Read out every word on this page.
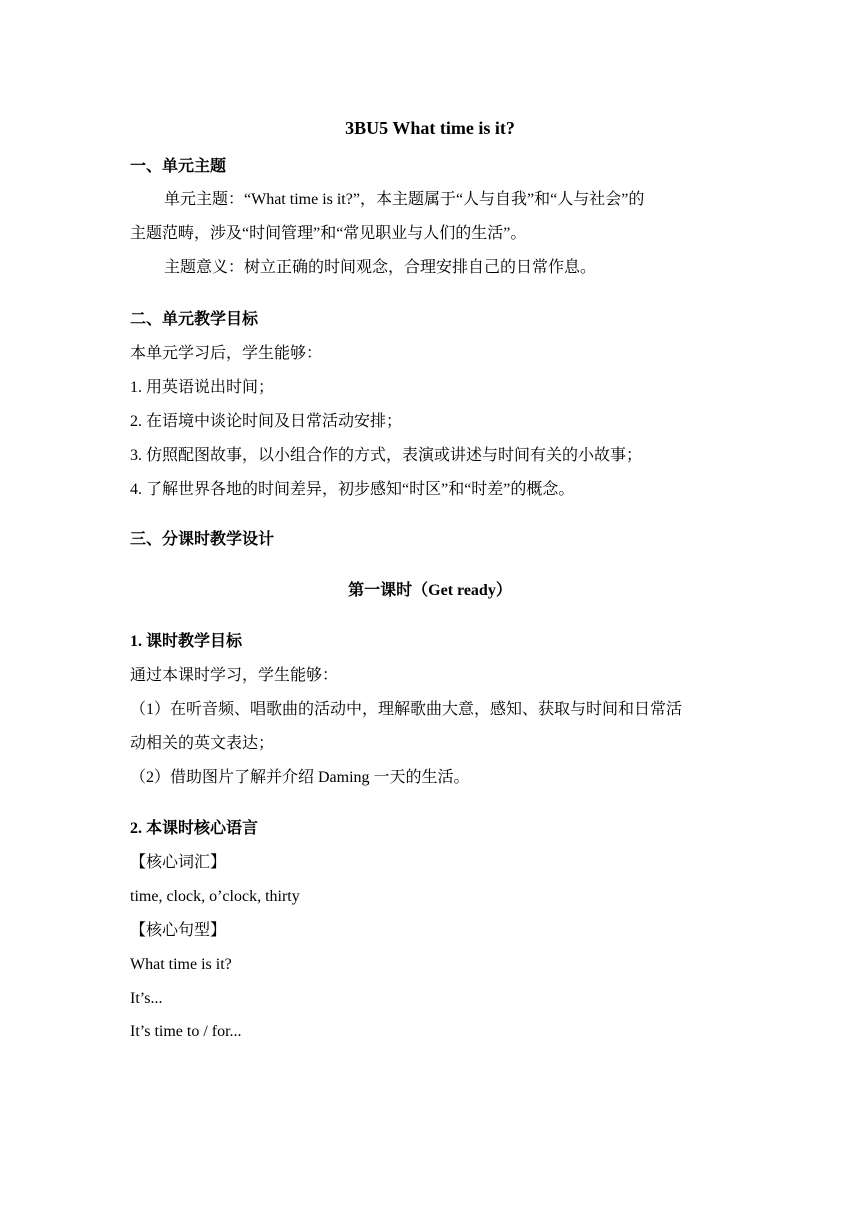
3BU5 What time is it?
一、单元主题
单元主题：“What time is it?”，本主题属于“人与自我”和“人与社会”的
主题范畴，涉及“时间管理”和“常见职业与人们的生活”。
主题意义：树立正确的时间观念，合理安排自己的日常作息。
二、单元教学目标
本单元学习后，学生能够：
1. 用英语说出时间；
2. 在语境中谈论时间及日常活动安排；
3. 仿照配图故事，以小组合作的方式，表演或讲述与时间有关的小故事；
4. 了解世界各地的时间差异，初步感知“时区”和“时差”的概念。
三、分课时教学设计
第一课时（Get ready）
1. 课时教学目标
通过本课时学习，学生能够：
（1）在听音频、唱歌曲的活动中，理解歌曲大意，感知、获取与时间和日常活
动相关的英文表达；
（2）借助图片了解并介绍 Daming 一天的生活。
2. 本课时核心语言
【核心词汇】
time, clock, o’clock, thirty
【核心句型】
What time is it?
It’s...
It’s time to / for...
